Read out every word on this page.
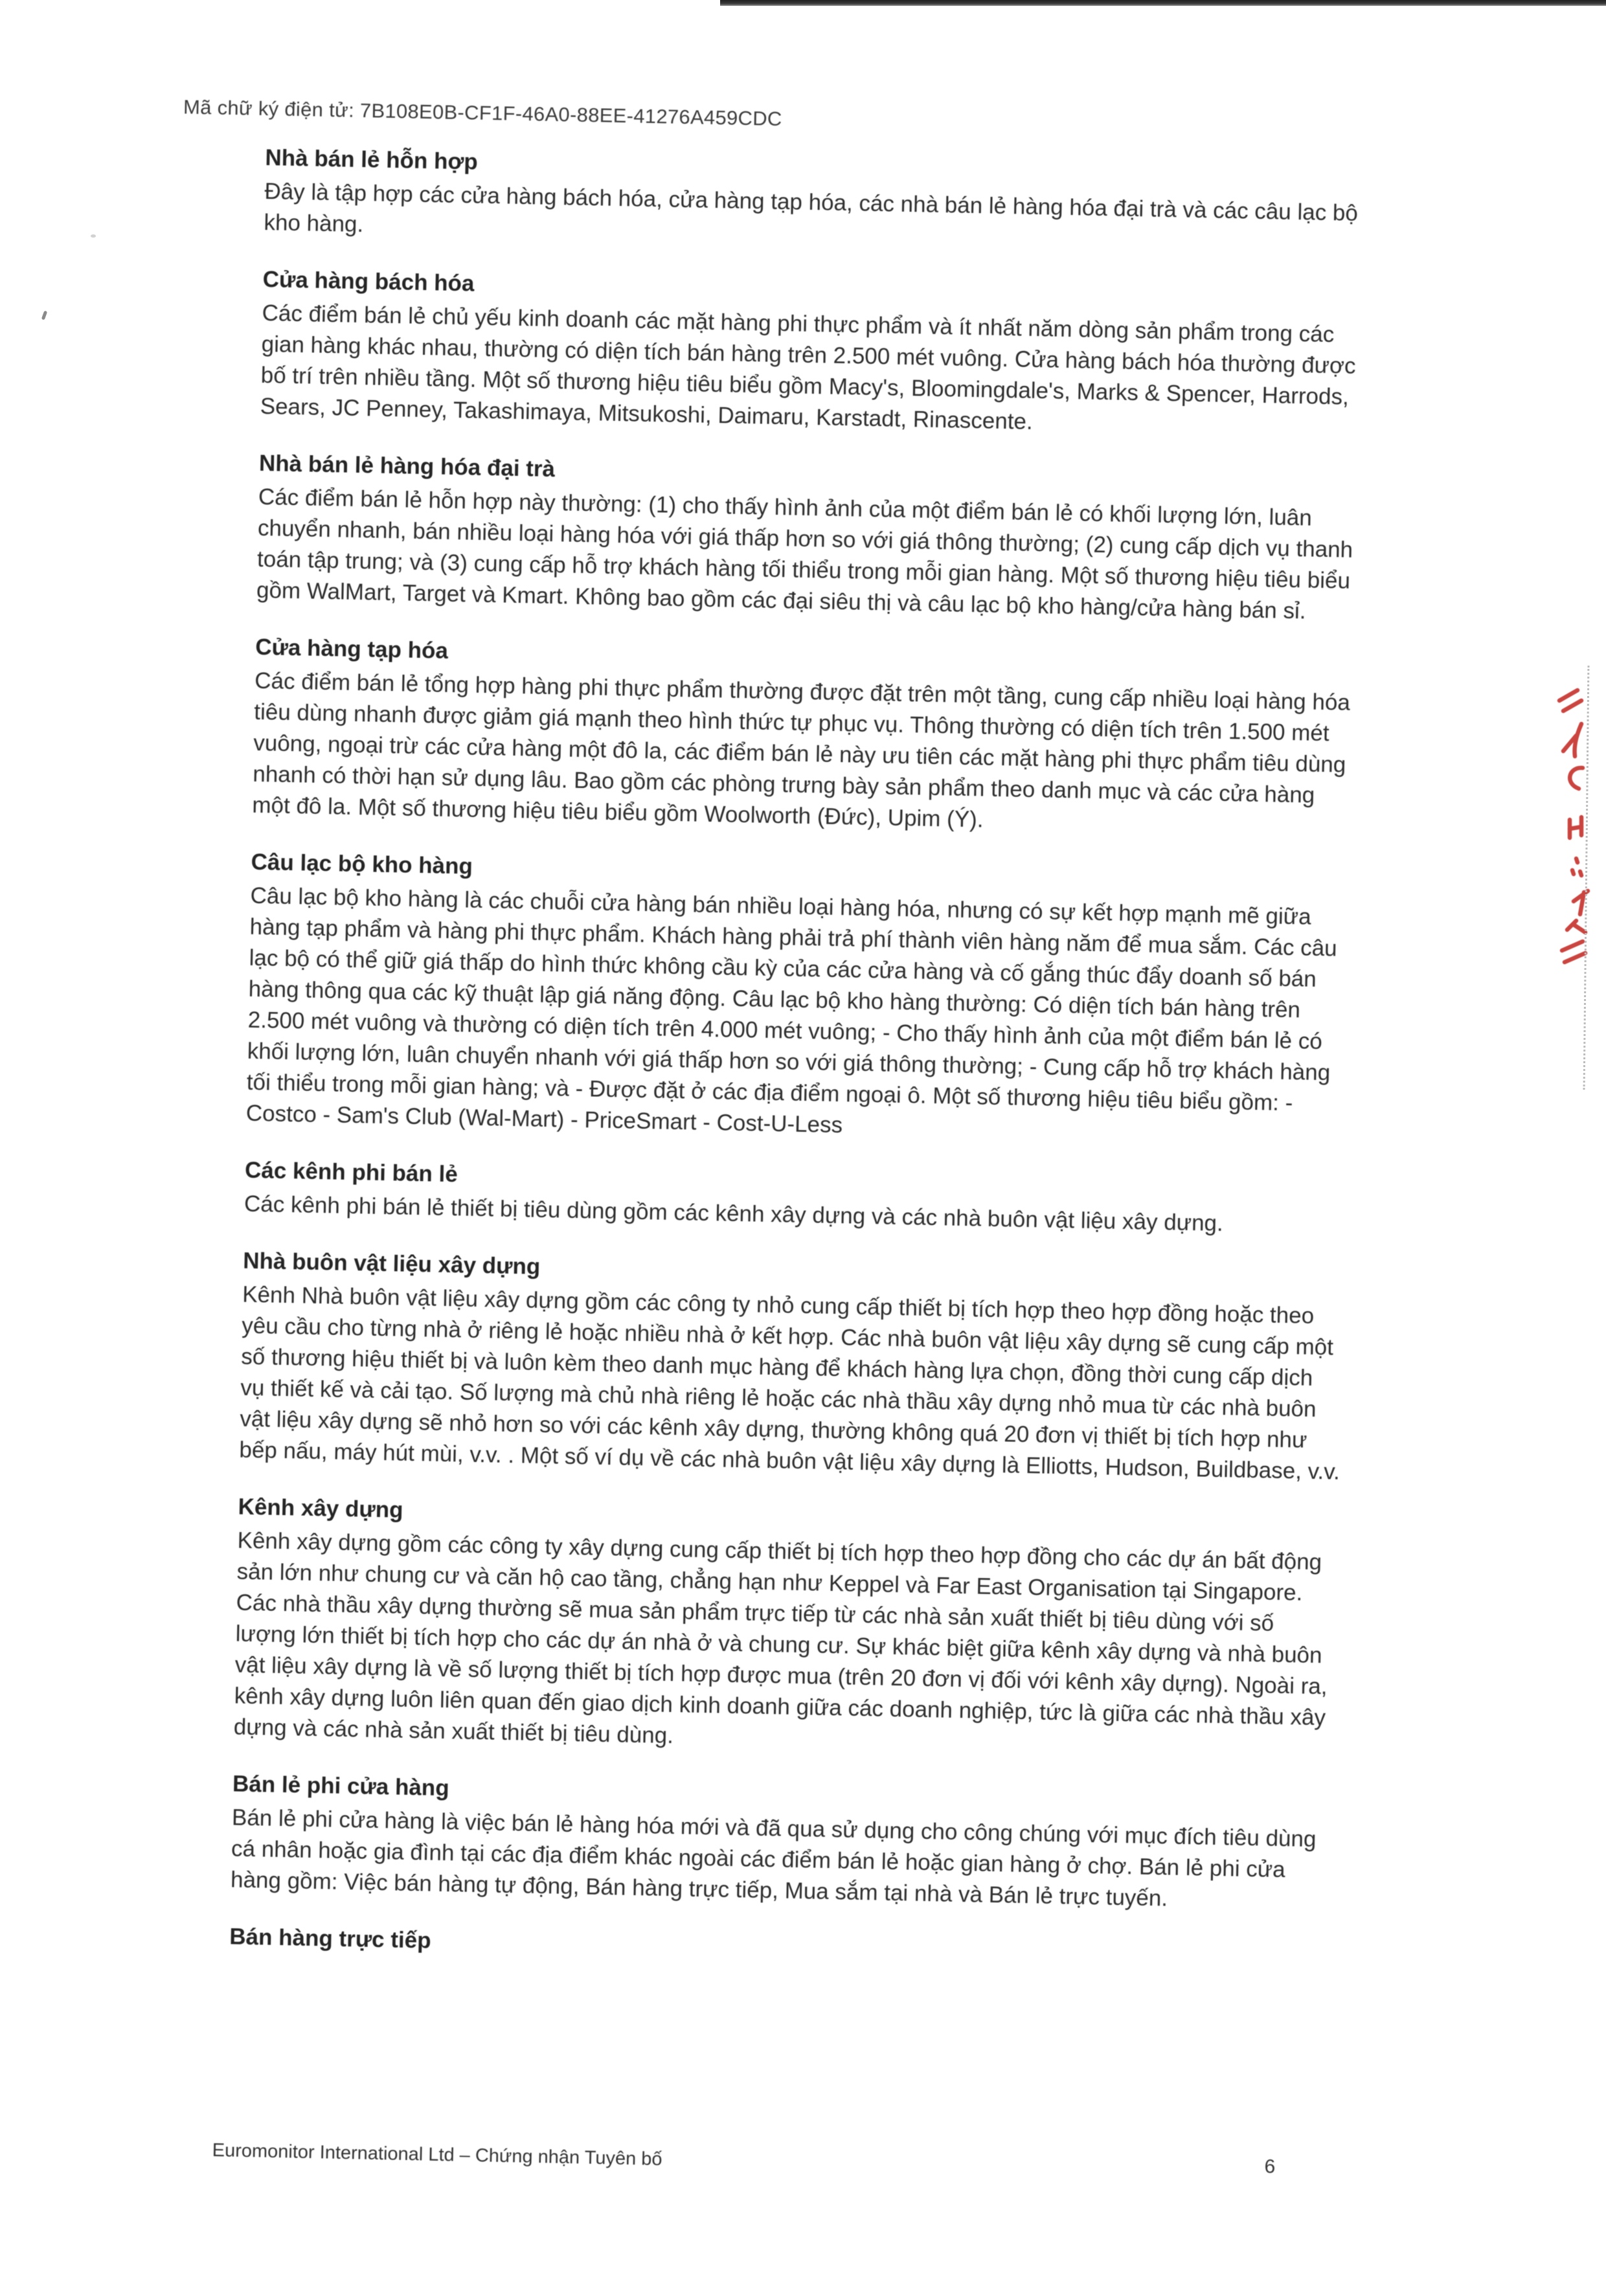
Mã chữ ký điện tử: 7B108E0B-CF1F-46A0-88EE-41276A459CDC
Nhà bán lẻ hỗn hợp

Đây là tập hợp các cửa hàng bách hóa, cửa hàng tạp hóa, các nhà bán lẻ hàng hóa đại trà và các câu lạc bộ kho hàng.

Cửa hàng bách hóa

Các điểm bán lẻ chủ yếu kinh doanh các mặt hàng phi thực phẩm và ít nhất năm dòng sản phẩm trong các gian hàng khác nhau, thường có diện tích bán hàng trên 2.500 mét vuông. Cửa hàng bách hóa thường được bố trí trên nhiều tầng. Một số thương hiệu tiêu biểu gồm Macy's, Bloomingdale's, Marks & Spencer, Harrods, Sears, JC Penney, Takashimaya, Mitsukoshi, Daimaru, Karstadt, Rinascente.

Nhà bán lẻ hàng hóa đại trà

Các điểm bán lẻ hỗn hợp này thường: (1) cho thấy hình ảnh của một điểm bán lẻ có khối lượng lớn, luân chuyển nhanh, bán nhiều loại hàng hóa với giá thấp hơn so với giá thông thường; (2) cung cấp dịch vụ thanh toán tập trung; và (3) cung cấp hỗ trợ khách hàng tối thiểu trong mỗi gian hàng. Một số thương hiệu tiêu biểu gồm WalMart, Target và Kmart. Không bao gồm các đại siêu thị và câu lạc bộ kho hàng/cửa hàng bán sỉ.

Cửa hàng tạp hóa

Các điểm bán lẻ tổng hợp hàng phi thực phẩm thường được đặt trên một tầng, cung cấp nhiều loại hàng hóa tiêu dùng nhanh được giảm giá mạnh theo hình thức tự phục vụ. Thông thường có diện tích trên 1.500 mét vuông, ngoại trừ các cửa hàng một đô la, các điểm bán lẻ này ưu tiên các mặt hàng phi thực phẩm tiêu dùng nhanh có thời hạn sử dụng lâu. Bao gồm các phòng trưng bày sản phẩm theo danh mục và các cửa hàng một đô la. Một số thương hiệu tiêu biểu gồm Woolworth (Đức), Upim (Ý).

Câu lạc bộ kho hàng

Câu lạc bộ kho hàng là các chuỗi cửa hàng bán nhiều loại hàng hóa, nhưng có sự kết hợp mạnh mẽ giữa hàng tạp phẩm và hàng phi thực phẩm. Khách hàng phải trả phí thành viên hàng năm để mua sắm. Các câu lạc bộ có thể giữ giá thấp do hình thức không cầu kỳ của các cửa hàng và cố gắng thúc đẩy doanh số bán hàng thông qua các kỹ thuật lập giá năng động. Câu lạc bộ kho hàng thường: Có diện tích bán hàng trên 2.500 mét vuông và thường có diện tích trên 4.000 mét vuông; - Cho thấy hình ảnh của một điểm bán lẻ có khối lượng lớn, luân chuyển nhanh với giá thấp hơn so với giá thông thường; - Cung cấp hỗ trợ khách hàng tối thiểu trong mỗi gian hàng; và - Được đặt ở các địa điểm ngoại ô. Một số thương hiệu tiêu biểu gồm: - Costco - Sam's Club (Wal-Mart) - PriceSmart - Cost-U-Less

Các kênh phi bán lẻ

Các kênh phi bán lẻ thiết bị tiêu dùng gồm các kênh xây dựng và các nhà buôn vật liệu xây dựng.

Nhà buôn vật liệu xây dựng

Kênh Nhà buôn vật liệu xây dựng gồm các công ty nhỏ cung cấp thiết bị tích hợp theo hợp đồng hoặc theo yêu cầu cho từng nhà ở riêng lẻ hoặc nhiều nhà ở kết hợp. Các nhà buôn vật liệu xây dựng sẽ cung cấp một số thương hiệu thiết bị và luôn kèm theo danh mục hàng để khách hàng lựa chọn, đồng thời cung cấp dịch vụ thiết kế và cải tạo. Số lượng mà chủ nhà riêng lẻ hoặc các nhà thầu xây dựng nhỏ mua từ các nhà buôn vật liệu xây dựng sẽ nhỏ hơn so với các kênh xây dựng, thường không quá 20 đơn vị thiết bị tích hợp như bếp nấu, máy hút mùi, v.v. . Một số ví dụ về các nhà buôn vật liệu xây dựng là Elliotts, Hudson, Buildbase, v.v.

Kênh xây dựng

Kênh xây dựng gồm các công ty xây dựng cung cấp thiết bị tích hợp theo hợp đồng cho các dự án bất động sản lớn như chung cư và căn hộ cao tầng, chẳng hạn như Keppel và Far East Organisation tại Singapore. Các nhà thầu xây dựng thường sẽ mua sản phẩm trực tiếp từ các nhà sản xuất thiết bị tiêu dùng với số lượng lớn thiết bị tích hợp cho các dự án nhà ở và chung cư. Sự khác biệt giữa kênh xây dựng và nhà buôn vật liệu xây dựng là về số lượng thiết bị tích hợp được mua (trên 20 đơn vị đối với kênh xây dựng). Ngoài ra, kênh xây dựng luôn liên quan đến giao dịch kinh doanh giữa các doanh nghiệp, tức là giữa các nhà thầu xây dựng và các nhà sản xuất thiết bị tiêu dùng.

Bán lẻ phi cửa hàng

Bán lẻ phi cửa hàng là việc bán lẻ hàng hóa mới và đã qua sử dụng cho công chúng với mục đích tiêu dùng cá nhân hoặc gia đình tại các địa điểm khác ngoài các điểm bán lẻ hoặc gian hàng ở chợ. Bán lẻ phi cửa hàng gồm: Việc bán hàng tự động, Bán hàng trực tiếp, Mua sắm tại nhà và Bán lẻ trực tuyến.

Bán hàng trực tiếp
Euromonitor International Ltd – Chứng nhận Tuyên bố	6
